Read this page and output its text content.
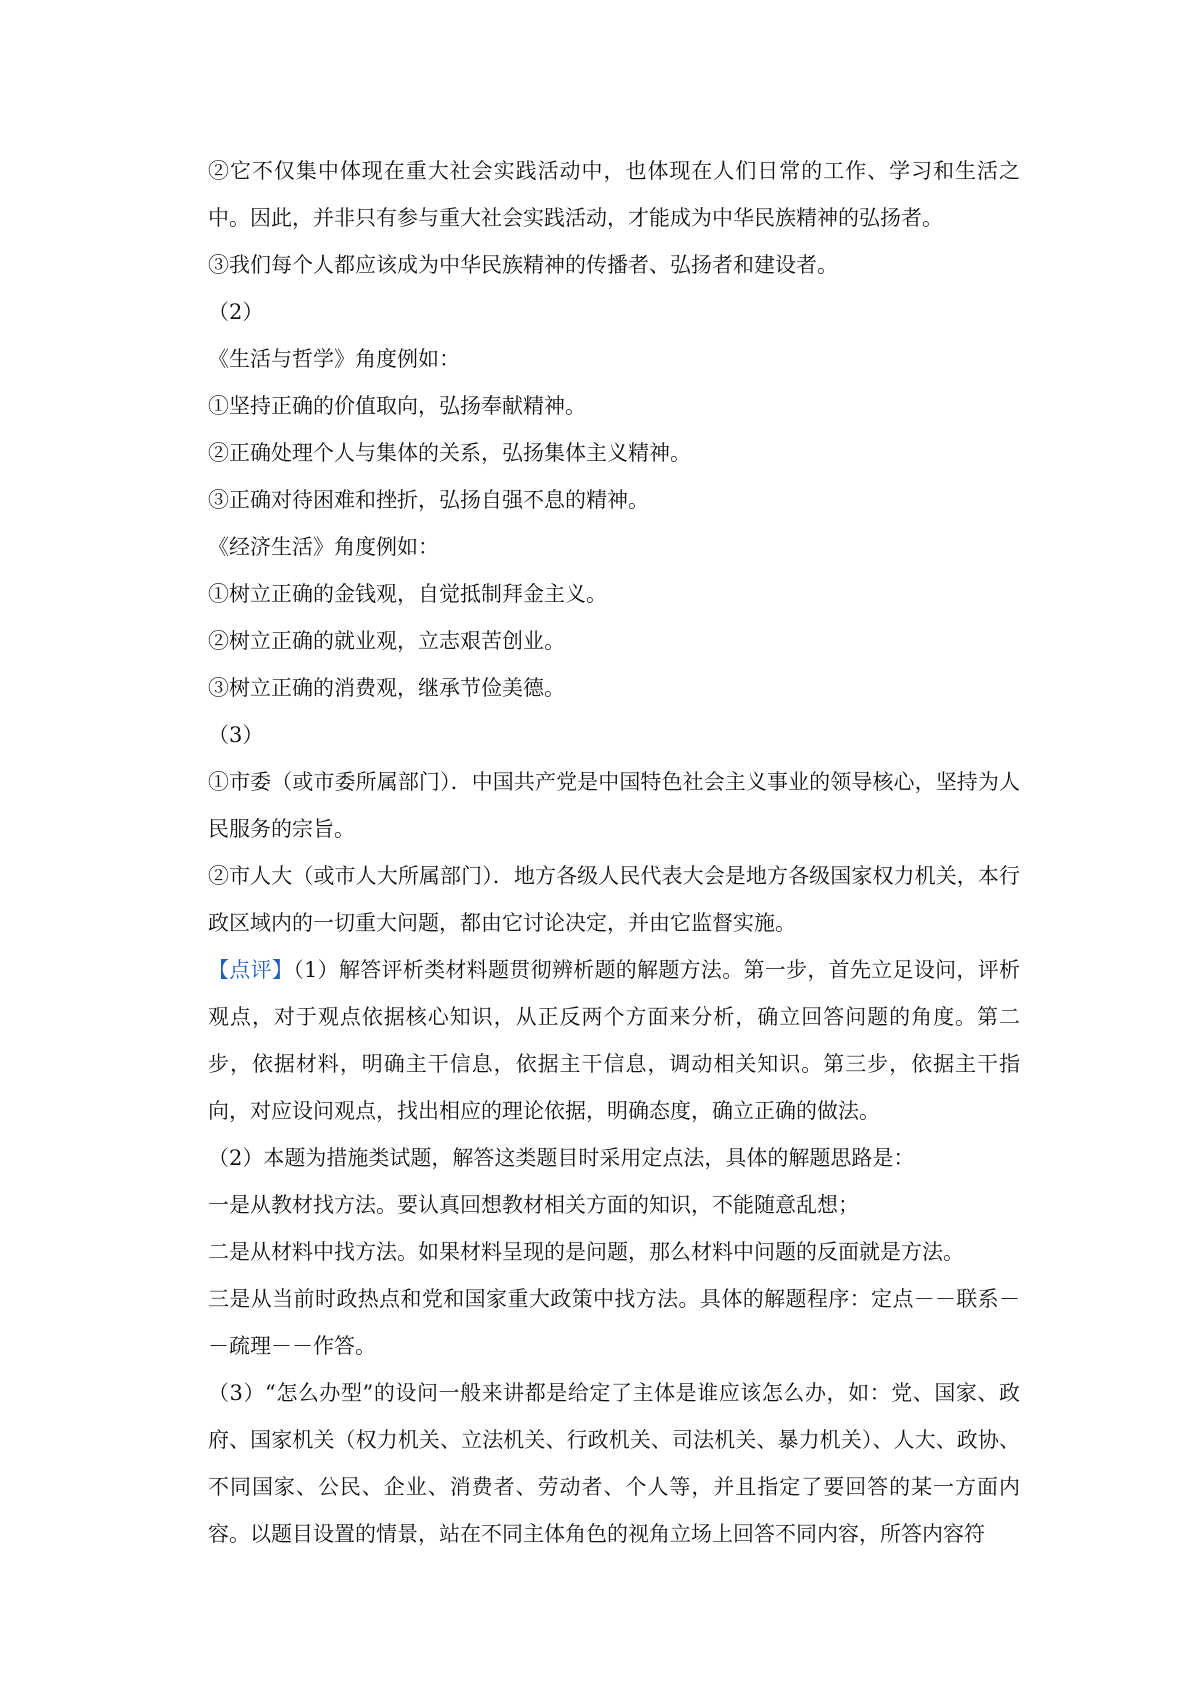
②它不仅集中体现在重大社会实践活动中，也体现在人们日常的工作、学习和生活之中。因此，并非只有参与重大社会实践活动，才能成为中华民族精神的弘扬者。

③我们每个人都应该成为中华民族精神的传播者、弘扬者和建设者。

（2）

《生活与哲学》角度例如：

①坚持正确的价值取向，弘扬奉献精神。

②正确处理个人与集体的关系，弘扬集体主义精神。

③正确对待困难和挫折，弘扬自强不息的精神。

《经济生活》角度例如：

①树立正确的金钱观，自觉抵制拜金主义。

②树立正确的就业观，立志艰苦创业。

③树立正确的消费观，继承节俭美德。

（3）

①市委（或市委所属部门）．中国共产党是中国特色社会主义事业的领导核心，坚持为人民服务的宗旨。

②市人大（或市人大所属部门）．地方各级人民代表大会是地方各级国家权力机关，本行政区域内的一切重大问题，都由它讨论决定，并由它监督实施。

【点评】（1）解答评析类材料题贯彻辨析题的解题方法。第一步，首先立足设问，评析观点，对于观点依据核心知识，从正反两个方面来分析，确立回答问题的角度。第二步，依据材料，明确主干信息，依据主干信息，调动相关知识。第三步，依据主干指向，对应设问观点，找出相应的理论依据，明确态度，确立正确的做法。

（2）本题为措施类试题，解答这类题目时采用定点法，具体的解题思路是：

一是从教材找方法。要认真回想教材相关方面的知识，不能随意乱想；

二是从材料中找方法。如果材料呈现的是问题，那么材料中问题的反面就是方法。

三是从当前时政热点和党和国家重大政策中找方法。具体的解题程序：定点－－联系－－疏理－－作答。

（3）“怎么办型”的设问一般来讲都是给定了主体是谁应该怎么办，如：党、国家、政府、国家机关（权力机关、立法机关、行政机关、司法机关、暴力机关）、人大、政协、不同国家、公民、企业、消费者、劳动者、个人等，并且指定了要回答的某一方面内容。以题目设置的情景，站在不同主体角色的视角立场上回答不同内容，所答内容符
